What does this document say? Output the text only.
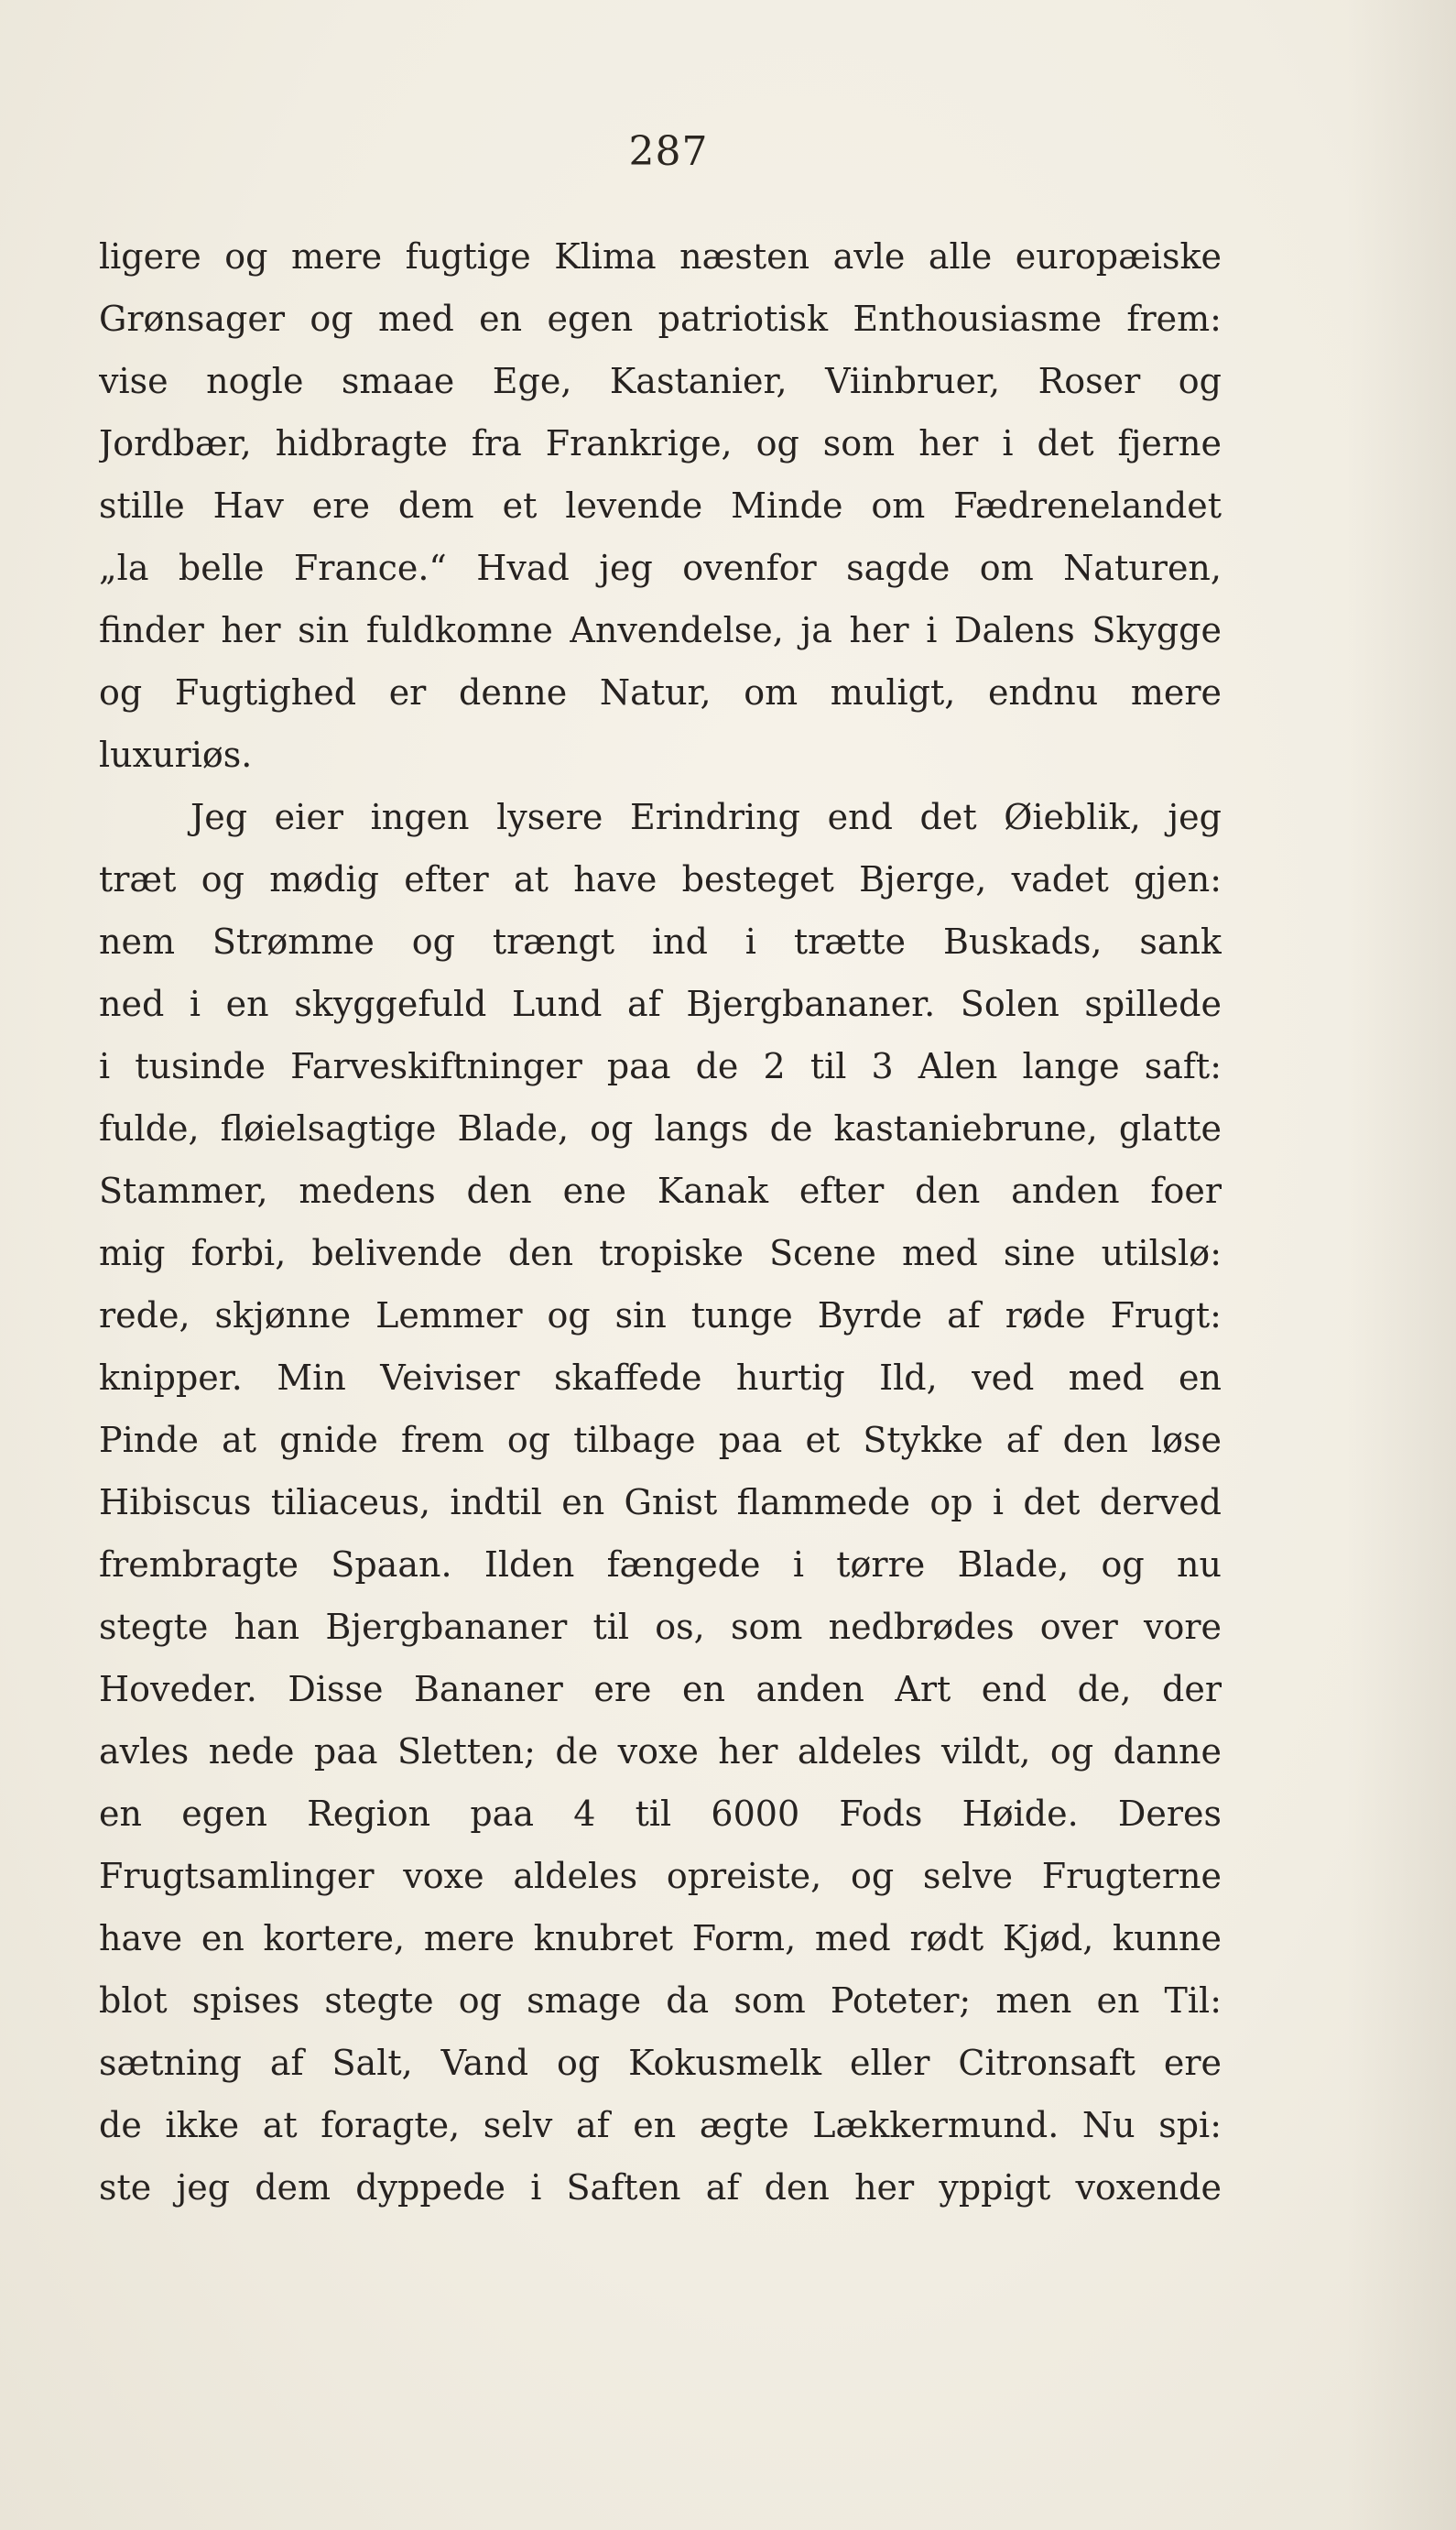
287
ligere og mere fugtige Klima næsten avle alle europæiske
Grønsager og med en egen patriotisk Enthousiasme frem:
vise nogle smaae Ege, Kastanier, Viinbruer, Roser og
Jordbær, hidbragte fra Frankrige, og som her i det fjerne
stille Hav ere dem et levende Minde om Fædrenelandet
„la belle France.“ Hvad jeg ovenfor sagde om Naturen,
finder her sin fuldkomne Anvendelse, ja her i Dalens Skygge
og Fugtighed er denne Natur, om muligt, endnu mere
luxuriøs.
Jeg eier ingen lysere Erindring end det Øieblik, jeg
træt og mødig efter at have besteget Bjerge, vadet gjen:
nem Strømme og trængt ind i trætte Buskads, sank
ned i en skyggefuld Lund af Bjergbananer. Solen spillede
i tusinde Farveskiftninger paa de 2 til 3 Alen lange saft:
fulde, fløielsagtige Blade, og langs de kastaniebrune, glatte
Stammer, medens den ene Kanak efter den anden foer
mig forbi, belivende den tropiske Scene med sine utilslø:
rede, skjønne Lemmer og sin tunge Byrde af røde Frugt:
knipper. Min Veiviser skaffede hurtig Ild, ved med en
Pinde at gnide frem og tilbage paa et Stykke af den løse
Hibiscus tiliaceus, indtil en Gnist flammede op i det derved
frembragte Spaan. Ilden fængede i tørre Blade, og nu
stegte han Bjergbananer til os, som nedbrødes over vore
Hoveder. Disse Bananer ere en anden Art end de, der
avles nede paa Sletten; de voxe her aldeles vildt, og danne
en egen Region paa 4 til 6000 Fods Høide. Deres
Frugtsamlinger voxe aldeles opreiste, og selve Frugterne
have en kortere, mere knubret Form, med rødt Kjød, kunne
blot spises stegte og smage da som Poteter; men en Til:
sætning af Salt, Vand og Kokusmelk eller Citronsaft ere
de ikke at foragte, selv af en ægte Lækkermund. Nu spi:
ste jeg dem dyppede i Saften af den her yppigt voxende
